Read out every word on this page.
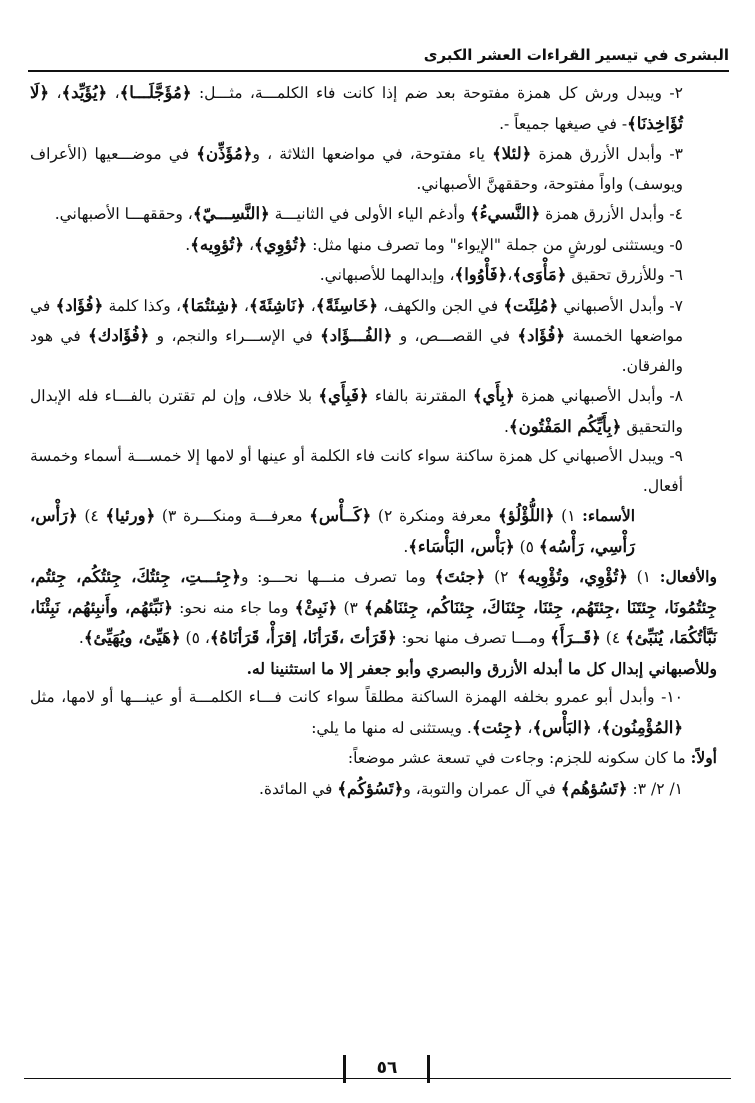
البشرى في تيسير القراءات العشر الكبرى

٢- ويبدل ورش كل همزة مفتوحة بعد ضم إذا كانت فاء الكلمـــة، مثـــل: ﴿مُؤَجَّلَـــا﴾، ﴿يُؤَيِّد﴾، ﴿لَا تُؤَاخِذنَا﴾- في صيغها جميعاً -.

٣- وأبدل الأزرق همزة ﴿لئلا﴾ ياء مفتوحة، في مواضعها الثلاثة ، و﴿مُؤَذِّن﴾ في موضـــعيها (الأعراف ويوسف) واواً مفتوحة، وحققهنَّ الأصبهاني.

٤- وأبدل الأزرق همزة ﴿النَّسيءُ﴾ وأدغم الياء الأولى في الثانيـــة ﴿النَّسِـــيّ﴾، وحققهـــا الأصبهاني.

٥- ويستثنى لورشٍ من جملة "الإيواء" وما تصرف منها مثل: ﴿تُؤوِي﴾، ﴿تُؤوِيه﴾.

٦- وللأزرق تحقيق ﴿مَأْوَى﴾،﴿فَأْوُوا﴾، وإبدالهما للأصبهاني.

٧- وأبدل الأصبهاني ﴿مُلِئَت﴾ في الجن والكهف، ﴿خَاسِئَةً﴾، ﴿نَاشِئَةَ﴾، ﴿شِئتُمَا﴾، وكذا كلمة ﴿فُؤَاد﴾ في مواضعها الخمسة ﴿فُؤَاد﴾ في القصـــص، و ﴿الفُـــؤَاد﴾ في الإســـراء والنجم، و ﴿فُؤَادك﴾ في هود والفرقان.

٨- وأبدل الأصبهاني همزة ﴿بِأَي﴾ المقترنة بالفاء ﴿فَبِأَي﴾ بلا خلاف، وإن لم تقترن بالفـــاء فله الإبدال والتحقيق ﴿بِأَيِّكُم المَفْتُون﴾.

٩- ويبدل الأصبهاني كل همزة ساكنة سواء كانت فاء الكلمة أو عينها أو لامها إلا خمســـة أسماء وخمسة أفعال.

الأسماء: ١) ﴿اللُّؤْلُؤ﴾ معرفة ومنكرة ٢) ﴿كَــأْس﴾ معرفـــة ومنكـــرة ٣) ﴿ورئيا﴾ ٤) ﴿رَأْس، رَأْسِي، رَأْسُه﴾ ٥) ﴿بَأْس، البَأْسَاء﴾.

والأفعال: ١) ﴿تُؤْوِي، وتُؤْوِيه﴾ ٢) ﴿جئتَ﴾ وما تصرف منـــها نحـــو: و﴿جِئـــتِ، جِئتُكَ، جِئتُكُم، جِئتُم، جِئتُمُونَا، جِئتَنَا ،جِئتَهُم، جِئنَا، جِئنَاكَ، جِئنَاكُم، جِئنَاهُم﴾ ٣) ﴿نَبِئْ﴾ وما جاء منه نحو: ﴿نَبِّئهُم، وأَنبِئهُم، نَبِئْنَا، نَبَّأتُكُمَا، يُنَبِّئ﴾ ٤) ﴿قَــرَأَ﴾ ومـــا تصرف منها نحو: ﴿قَرَأتَ ،قَرَأنَا، إقرَأْ، قَرَأنَاهُ﴾، ٥) ﴿هَيِّئ، ويُهَيِّئ﴾.

وللأصبهاني إبدال كل ما أبدله الأزرق والبصري وأبو جعفر إلا ما استثنينا له.

١٠- وأبدل أبو عمرو بخلفه الهمزة الساكنة مطلقاً سواء كانت فـــاء الكلمـــة أو عينـــها أو لامها، مثل ﴿المُؤْمِنُون﴾، ﴿البَأْس﴾، ﴿جِئت﴾. ويستثنى له منها ما يلي:

أولاً: ما كان سكونه للجزم: وجاءت في تسعة عشر موضعاً:

١/ ٢/ ٣: ﴿تَسُؤهُم﴾ في آل عمران والتوبة، و﴿تَسُؤكُم﴾ في المائدة.

٥٦
